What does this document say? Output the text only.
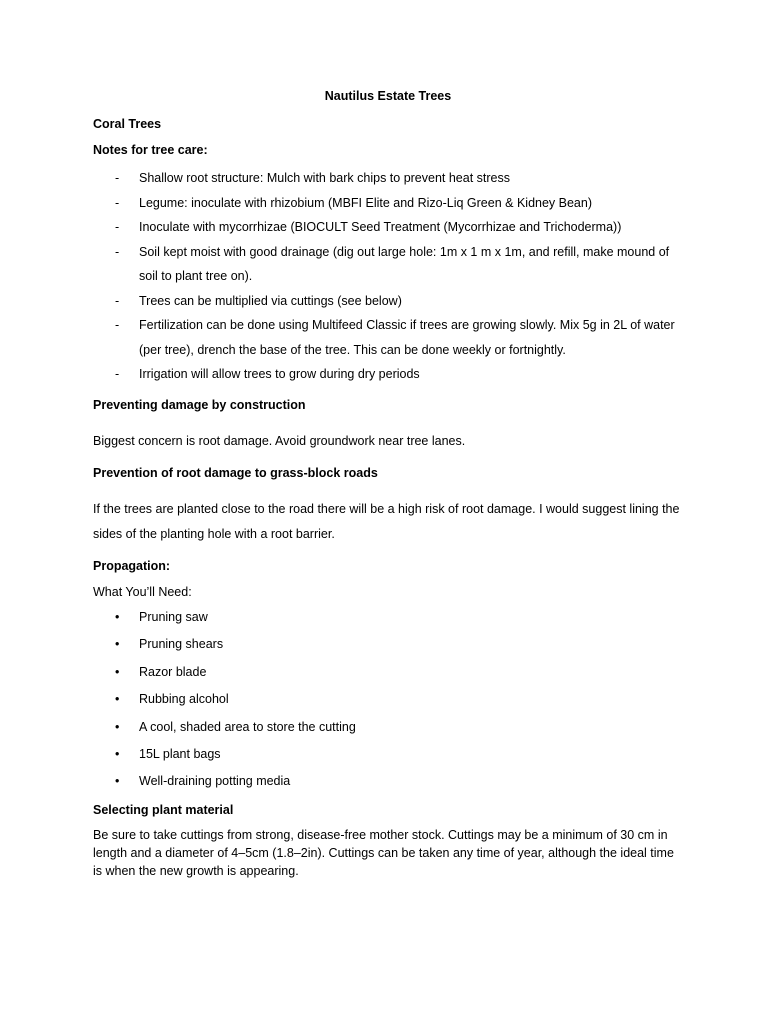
Nautilus Estate Trees
Coral Trees
Notes for tree care:
- Shallow root structure: Mulch with bark chips to prevent heat stress
- Legume: inoculate with rhizobium (MBFI Elite and Rizo-Liq Green & Kidney Bean)
- Inoculate with mycorrhizae (BIOCULT Seed Treatment (Mycorrhizae and Trichoderma))
- Soil kept moist with good drainage (dig out large hole: 1m x 1 m x 1m, and refill, make mound of soil to plant tree on).
- Trees can be multiplied via cuttings (see below)
- Fertilization can be done using Multifeed Classic if trees are growing slowly. Mix 5g in 2L of water (per tree), drench the base of the tree. This can be done weekly or fortnightly.
- Irrigation will allow trees to grow during dry periods
Preventing damage by construction
Biggest concern is root damage. Avoid groundwork near tree lanes.
Prevention of root damage to grass-block roads
If the trees are planted close to the road there will be a high risk of root damage. I would suggest lining the sides of the planting hole with a root barrier.
Propagation:
What You’ll Need:
• Pruning saw
• Pruning shears
• Razor blade
• Rubbing alcohol
• A cool, shaded area to store the cutting
• 15L plant bags
• Well-draining potting media
Selecting plant material
Be sure to take cuttings from strong, disease-free mother stock. Cuttings may be a minimum of 30 cm in length and a diameter of 4–5cm (1.8–2in). Cuttings can be taken any time of year, although the ideal time is when the new growth is appearing.
